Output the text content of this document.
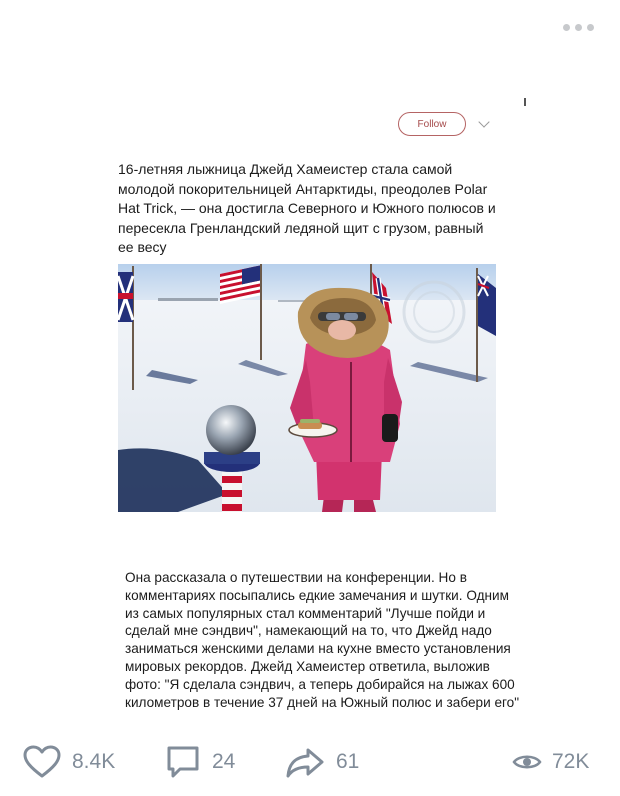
Follow
16-летняя лыжница Джейд Хамеистер стала самой молодой покорительницей Антарктиды, преодолев Polar Hat Trick, — она достигла Северного и Южного полюсов и пересекла Гренландский ледяной щит с грузом, равный ее весу
Она рассказала о путешествии на конференции. Но в комментариях посыпались едкие замечания и шутки. Одним из самых популярных стал комментарий "Лучше пойди и сделай мне сэндвич", намекающий на то, что Джейд надо заниматься женскими делами на кухне вместо установления мировых рекордов. Джейд Хамеистер ответила, выложив фото: "Я сделала сэндвич, а теперь добирайся на лыжах 600 километров в течение 37 дней на Южный полюс и забери его"
8.4K	24	61	72K
